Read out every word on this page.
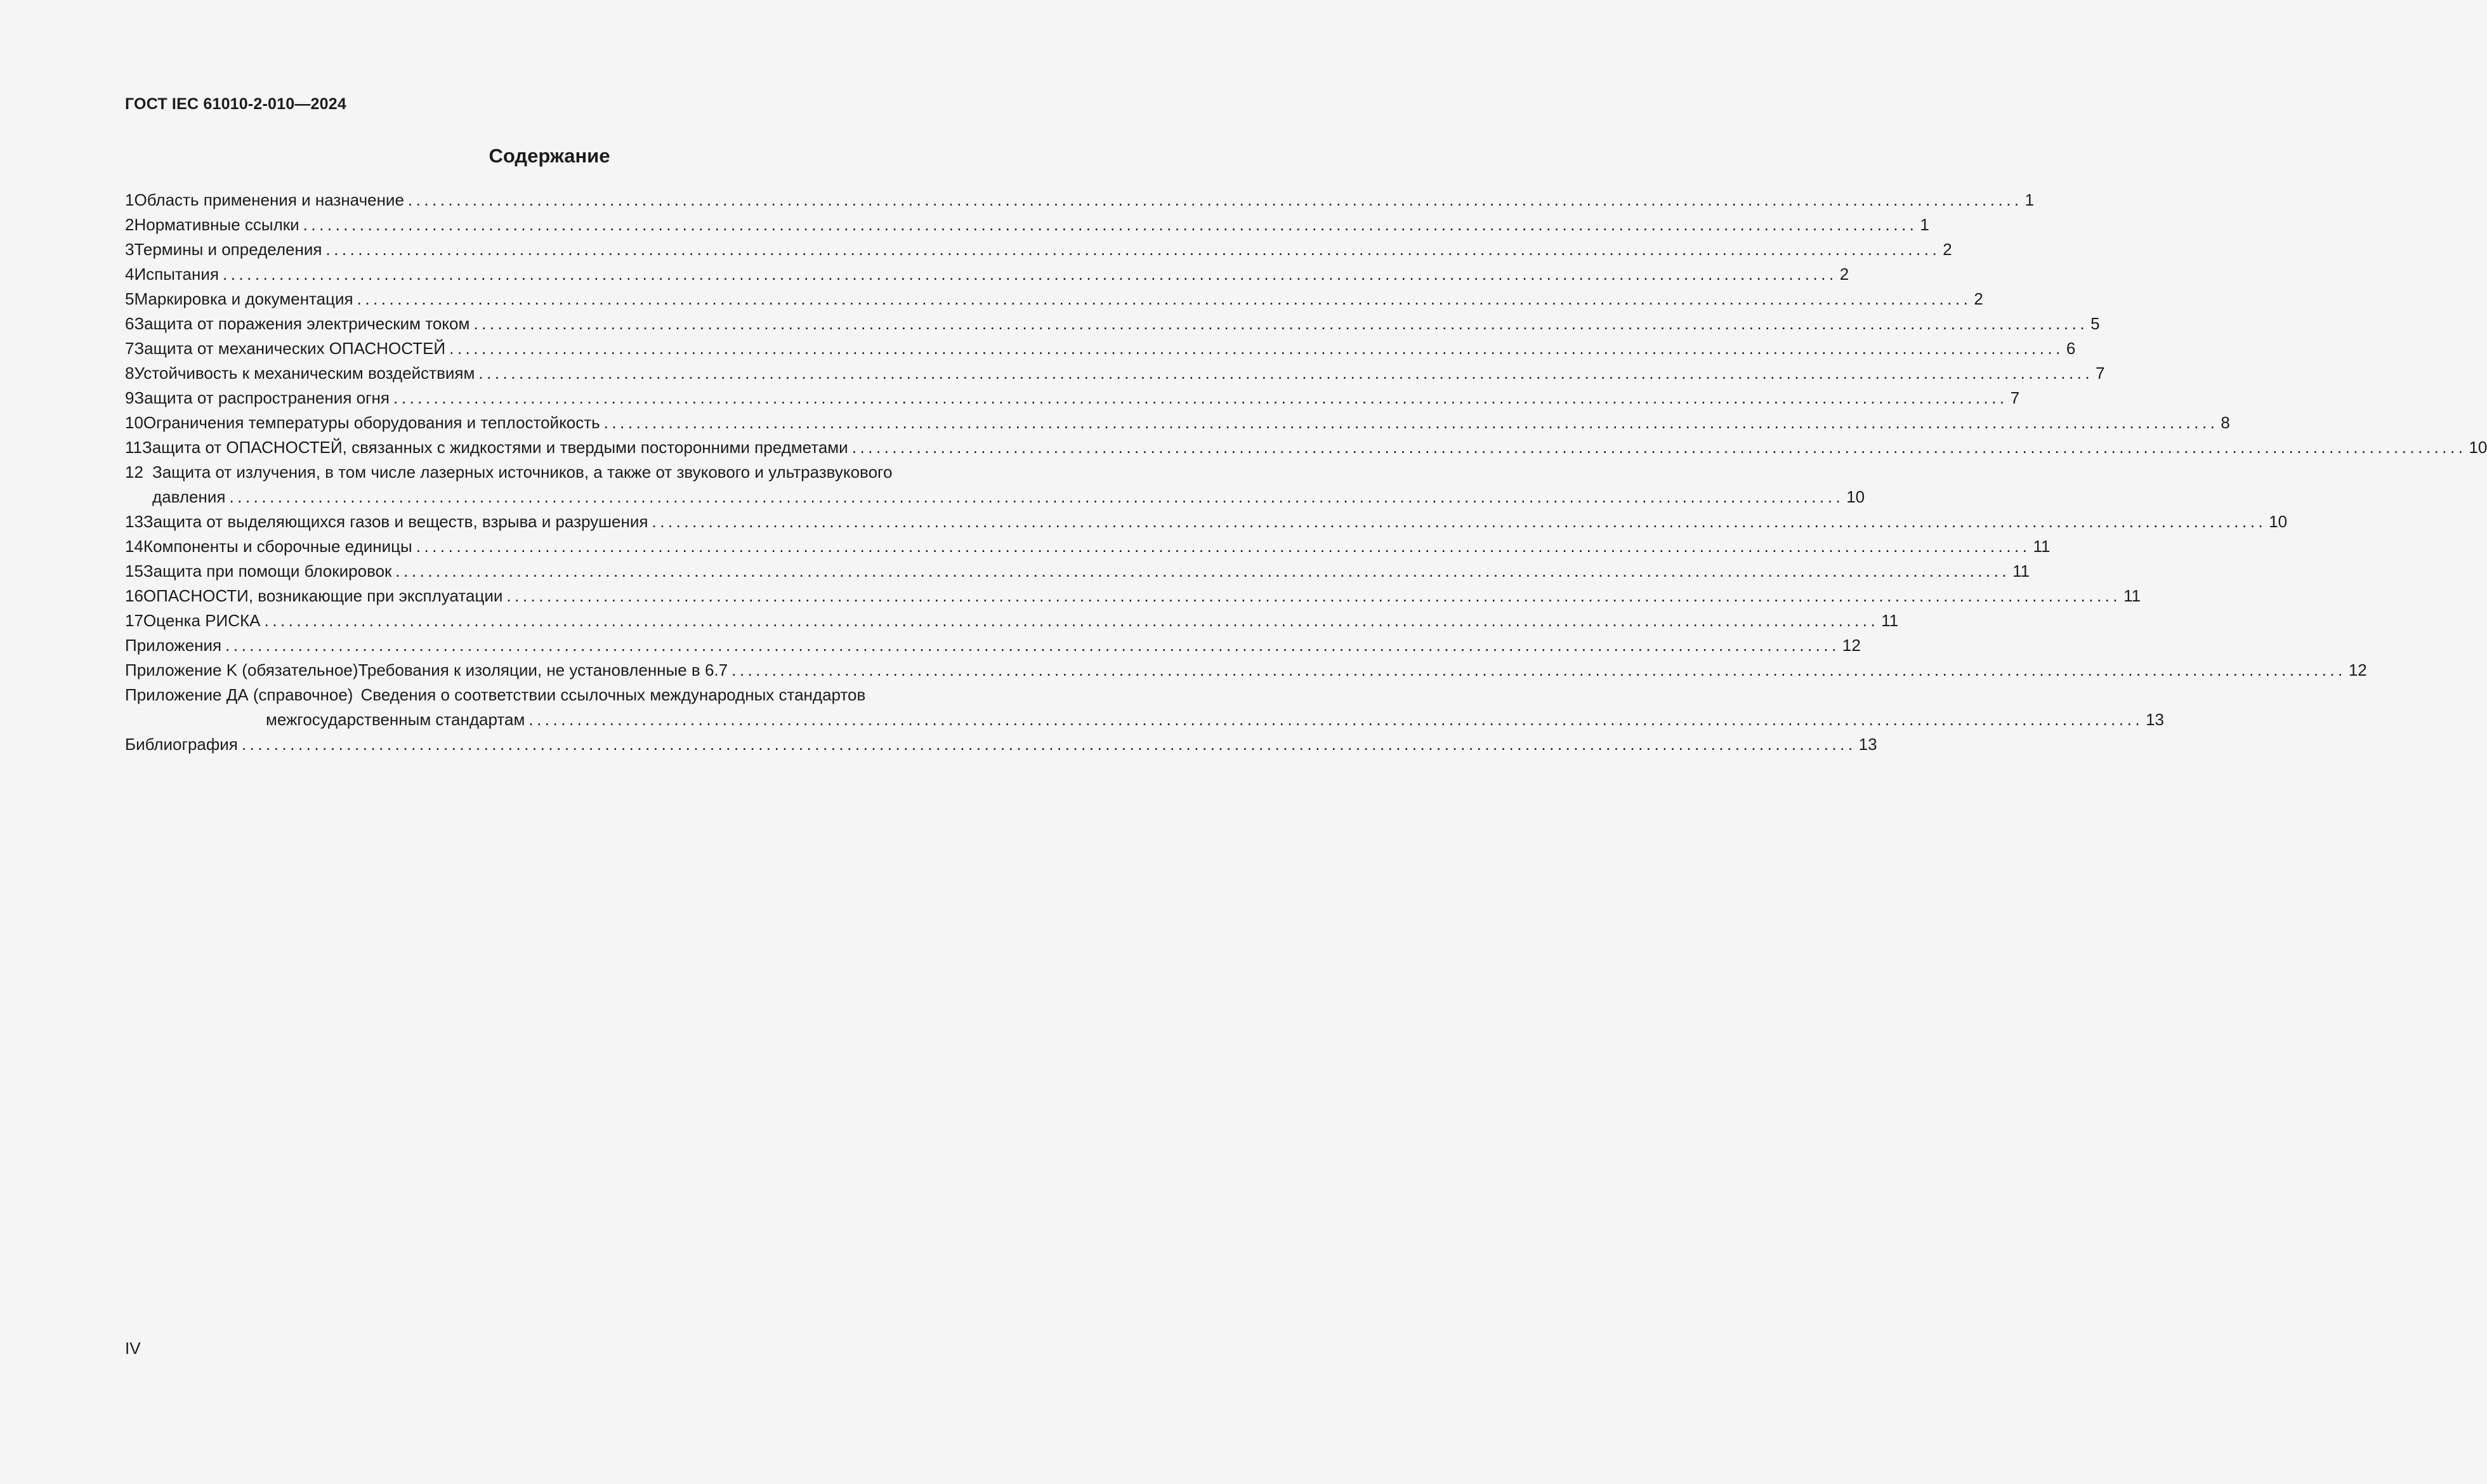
ГОСТ IEC 61010-2-010—2024
Содержание
1 Область применения и назначение ........................................................................................................................................................................................................ 1
2 Нормативные ссылки ........................................................................................................................................................................................................ 1
3 Термины и определения ........................................................................................................................................................................................................ 2
4 Испытания ........................................................................................................................................................................................................ 2
5 Маркировка и документация ........................................................................................................................................................................................................ 2
6 Защита от поражения электрическим током ........................................................................................................................................................................................................ 5
7 Защита от механических ОПАСНОСТЕЙ ........................................................................................................................................................................................................ 6
8 Устойчивость к механическим воздействиям ........................................................................................................................................................................................................ 7
9 Защита от распространения огня ........................................................................................................................................................................................................ 7
10 Ограничения температуры оборудования и теплостойкость ........................................................................................................................................................................................................ 8
11 Защита от ОПАСНОСТЕЙ, связанных с жидкостями и твердыми посторонними предметами ........................................................................................................................................................................................................ 10
12 Защита от излучения, в том числе лазерных источников, а также от звукового и ультразвукового
давления ........................................................................................................................................................................................................ 10
13 Защита от выделяющихся газов и веществ, взрыва и разрушения ........................................................................................................................................................................................................ 10
14 Компоненты и сборочные единицы ........................................................................................................................................................................................................ 11
15 Защита при помощи блокировок ........................................................................................................................................................................................................ 11
16 ОПАСНОСТИ, возникающие при эксплуатации ........................................................................................................................................................................................................ 11
17 Оценка РИСКА ........................................................................................................................................................................................................ 11
Приложения ........................................................................................................................................................................................................ 12
Приложение K (обязательное) Требования к изоляции, не установленные в 6.7 ........................................................................................................................................................................................................ 12
Приложение ДА (справочное) Сведения о соответствии ссылочных международных стандартов
межгосударственным стандартам ........................................................................................................................................................................................................ 13
Библиография ........................................................................................................................................................................................................ 13
IV
